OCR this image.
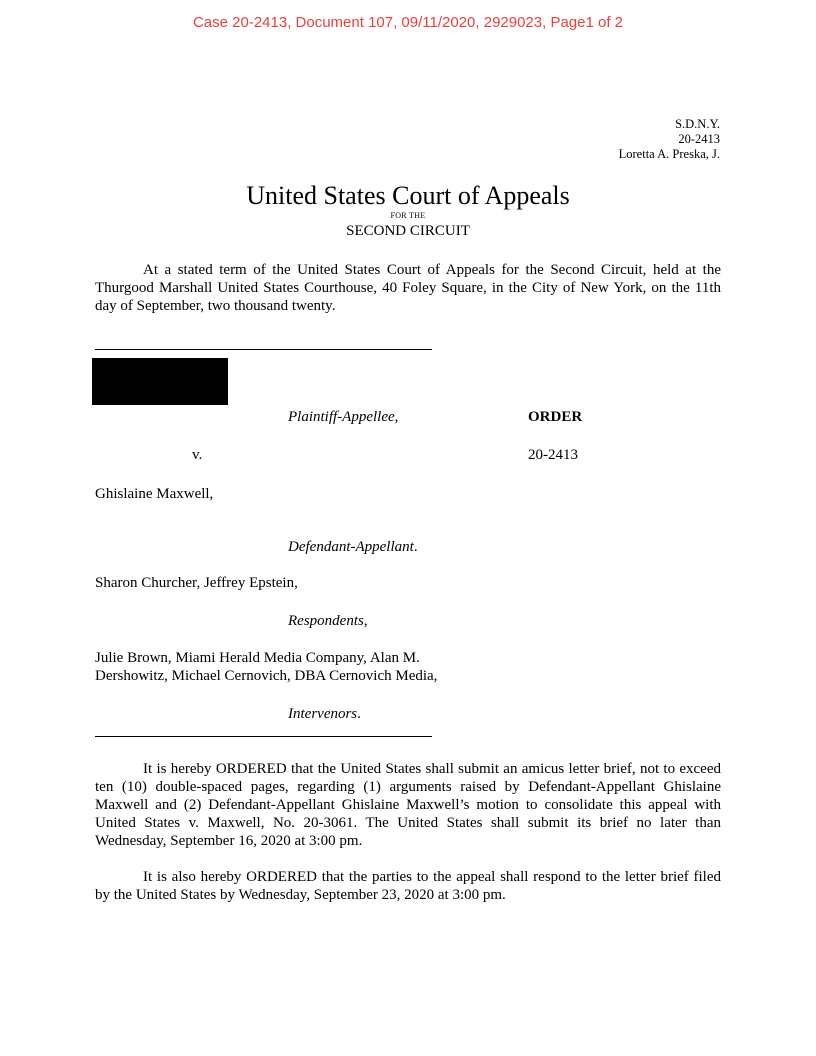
Case 20-2413, Document 107, 09/11/2020, 2929023, Page1 of 2
S.D.N.Y.
20-2413
Loretta A. Preska, J.
United States Court of Appeals
FOR THE
SECOND CIRCUIT
At a stated term of the United States Court of Appeals for the Second Circuit, held at the Thurgood Marshall United States Courthouse, 40 Foley Square, in the City of New York, on the 11th day of September, two thousand twenty.
Plaintiff-Appellee,	ORDER
v.	20-2413
Ghislaine Maxwell,
Defendant-Appellant.
Sharon Churcher, Jeffrey Epstein,
Respondents,
Julie Brown, Miami Herald Media Company, Alan M.
Dershowitz, Michael Cernovich, DBA Cernovich Media,
Intervenors.
It is hereby ORDERED that the United States shall submit an amicus letter brief, not to exceed ten (10) double-spaced pages, regarding (1) arguments raised by Defendant-Appellant Ghislaine Maxwell and (2) Defendant-Appellant Ghislaine Maxwell’s motion to consolidate this appeal with United States v. Maxwell, No. 20-3061. The United States shall submit its brief no later than Wednesday, September 16, 2020 at 3:00 pm.
It is also hereby ORDERED that the parties to the appeal shall respond to the letter brief filed by the United States by Wednesday, September 23, 2020 at 3:00 pm.
